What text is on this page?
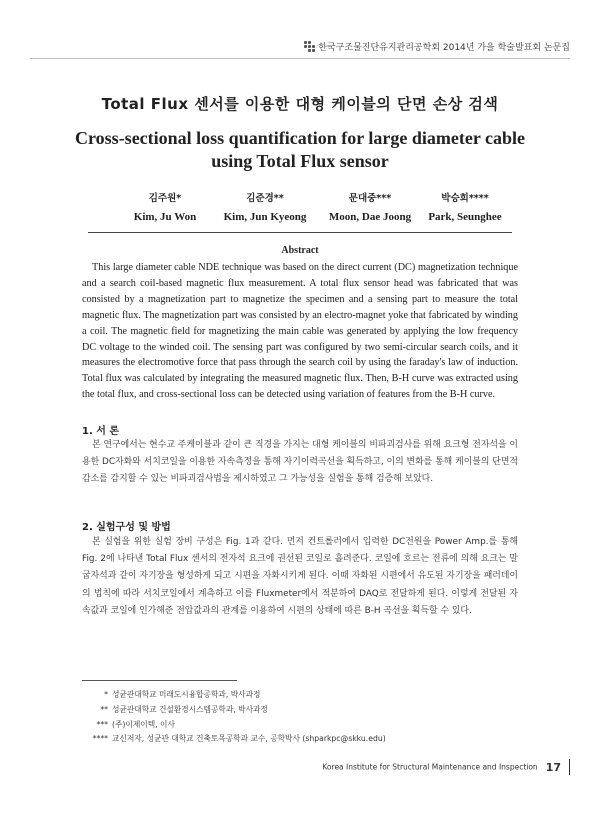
한국구조물진단유지관리공학회 2014년 가을 학술발표회 논문집
Total Flux 센서를 이용한 대형 케이블의 단면 손상 검색
Cross-sectional loss quantification for large diameter cable
using Total Flux sensor
김주원*
Kim, Ju Won
김준경**
Kim, Jun Kyeong
문대중***
Moon, Dae Joong
박승희****
Park, Seunghee
Abstract

This large diameter cable NDE technique was based on the direct current (DC) magnetization technique and a search coil-based magnetic flux measurement. A total flux sensor head was fabricated that was consisted by a magnetization part to magnetize the specimen and a sensing part to measure the total magnetic flux. The magnetization part was consisted by an electro-magnet yoke that fabricated by winding a coil. The magnetic field for magnetizing the main cable was generated by applying the low frequency DC voltage to the winded coil. The sensing part was configured by two semi-circular search coils, and it measures the electromotive force that pass through the search coil by using the faraday's law of induction. Total flux was calculated by integrating the measured magnetic flux. Then, B-H curve was extracted using the total flux, and cross-sectional loss can be detected using variation of features from the B-H curve.

1. 서 론

본 연구에서는 현수교 주케이블과 같이 큰 직경을 가지는 대형 케이블의 비파괴검사를 위해 요크형 전자석을 이용한 DC자화와 서치코일을 이용한 자속측정을 통해 자기이력곡선을 획득하고, 이의 변화를 통해 케이블의 단면적 감소를 감지할 수 있는 비파괴검사법을 제시하였고 그 가능성을 실험을 통해 검증해 보았다.

2. 실험구성 및 방법

본 실험을 위한 실험 장비 구성은 Fig. 1과 같다. 먼저 컨트롤러에서 입력한 DC전원을 Power Amp.를 통해 Fig. 2에 나타낸 Total Flux 센서의 전자석 요크에 권선된 코일로 흘려준다. 코일에 흐르는 전류에 의해 요크는 말굽자석과 같이 자기장을 형성하게 되고 시편을 자화시키게 된다. 이때 자화된 시편에서 유도된 자기장을 패러데이의 법칙에 따라 서치코일에서 계측하고 이를 Fluxmeter에서 적분하여 DAQ로 전달하게 된다. 이렇게 전달된 자속값과 코일에 인가해준 전압값과의 관계를 이용하여 시편의 상태에 따른 B-H 곡선을 획득할 수 있다.

* 성균관대학교 미래도시융합공학과, 박사과정
** 성균관대학교 건설환경시스템공학과, 박사과정
*** (주)이제이텍, 이사
**** 교신저자, 성균관 대학교 건축토목공학과 교수, 공학박사 (shparkpc@skku.edu)
Korea Institute for Structural Maintenance and Inspection 17
